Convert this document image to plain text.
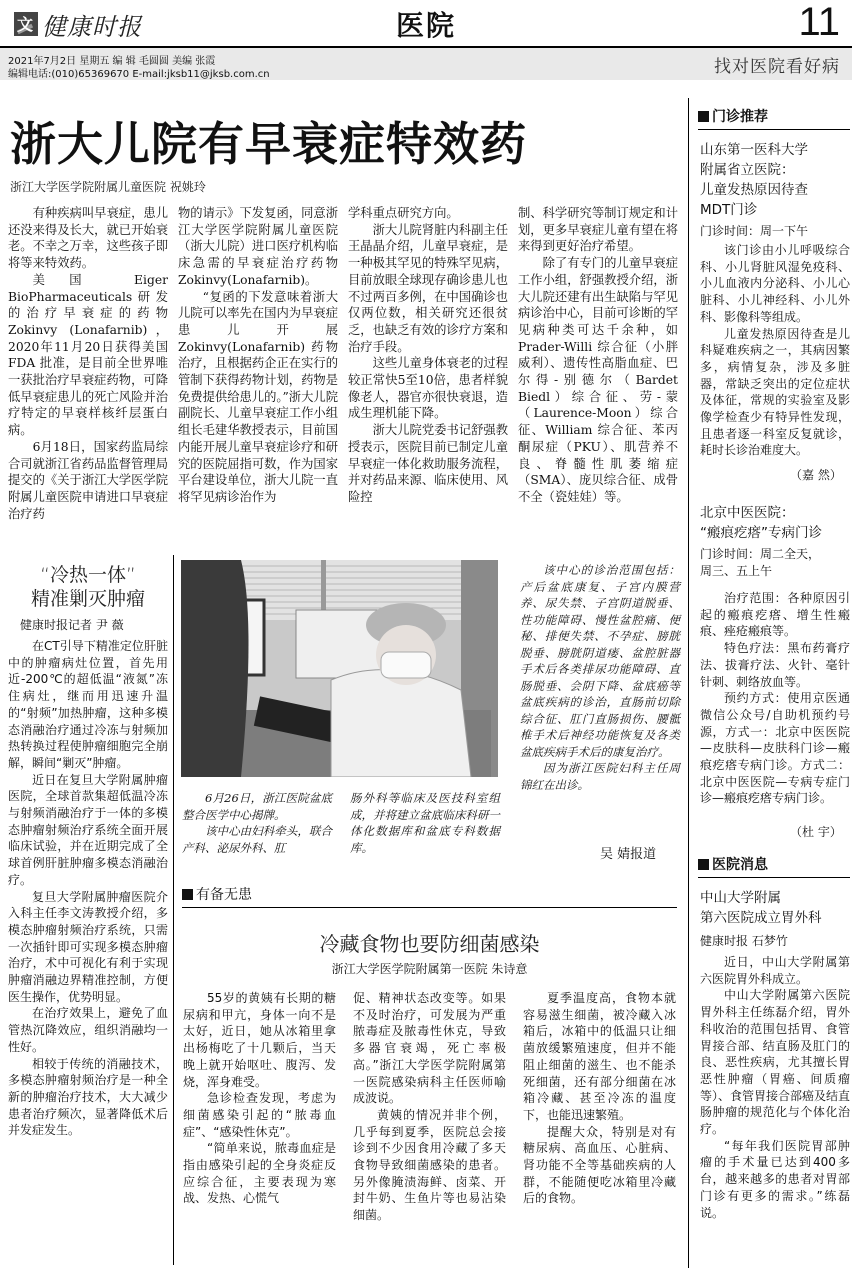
文
健康时报	医院	11
2021年7月2日 星期五 编 辑 毛圆圆 美编 张霞
编辑电话:(010)65369670 E-mail:jksb11@jksb.com.cn	找对医院看好病
浙大儿院有早衰症特效药
浙江大学医学院附属儿童医院 祝姚玲

有种疾病叫早衰症，患儿还没来得及长大，就已开始衰老。不幸之万幸，这些孩子即将等来特效药。

美国 Eiger BioPharmaceuticals研发的治疗早衰症的药物 Zokinvy (Lonafarnib)，2020年11月20日获得美国 FDA 批准，是目前全世界唯一获批治疗早衰症药物，可降低早衰症患儿的死亡风险并治疗特定的早衰样核纤层蛋白病。

6月18日，国家药监局综合司就浙江省药品监督管理局提交的《关于浙江大学医学院附属儿童医院申请进口早衰症治疗药

物的请示》下发复函，同意浙江大学医学院附属儿童医院（浙大儿院）进口医疗机构临床急需的早衰症治疗药物 Zokinvy(Lonafarnib)。

“复函的下发意味着浙大儿院可以率先在国内为早衰症患儿开展 Zokinvy(Lonafarnib) 药物治疗，且根据药企正在实行的管制下获得药物计划，药物是免费提供给患儿的。”浙大儿院副院长、儿童早衰症工作小组组长毛建华教授表示，目前国内能开展儿童早衰症诊疗和研究的医院屈指可数，作为国家平台建设单位，浙大儿院一直将罕见病诊治作为

学科重点研究方向。

浙大儿院肾脏内科副主任王晶晶介绍，儿童早衰症，是一种极其罕见的特殊罕见病，目前放眼全球现存确诊患儿也不过两百多例，在中国确诊也仅两位数，相关研究还很贫乏，也缺乏有效的诊疗方案和治疗手段。

这些儿童身体衰老的过程较正常快5至10倍，患者样貌像老人，器官亦很快衰退，造成生理机能下降。

浙大儿院党委书记舒强教授表示，医院目前已制定儿童早衰症一体化救助服务流程，并对药品来源、临床使用、风险控

制、科学研究等制订规定和计划，更多早衰症儿童有望在将来得到更好治疗希望。

除了有专门的儿童早衰症工作小组，舒强教授介绍，浙大儿院还建有出生缺陷与罕见病诊治中心，目前可诊断的罕见病种类可达千余种，如 Prader-Willi 综合征（小胖威利）、遗传性高脂血症、巴尔得-别德尔（Bardet Biedl）综合征、劳-蒙（Laurence-Moon）综合征、William 综合征、苯丙酮尿症（PKU）、肌营养不良、脊髓性肌萎缩症（SMA）、庞贝综合征、成骨不全（瓷娃娃）等。

“冷热一体”
精准剿灭肿瘤
健康时报记者 尹 薇

在CT引导下精准定位肝脏中的肿瘤病灶位置，首先用近-200℃的超低温“液氮”冻住病灶，继而用迅速升温的“射频”加热肿瘤，这种多模态消融治疗通过冷冻与射频加热转换过程使肿瘤细胞完全崩解，瞬间“剿灭”肿瘤。

近日在复旦大学附属肿瘤医院，全球首款集超低温冷冻与射频消融治疗于一体的多模态肿瘤射频治疗系统全面开展临床试验，并在近期完成了全球首例肝脏肿瘤多模态消融治疗。

复旦大学附属肿瘤医院介入科主任李文涛教授介绍，多模态肿瘤射频治疗系统，只需一次插针即可实现多模态肿瘤治疗，术中可视化有利于实现肿瘤消融边界精准控制，方便医生操作，优势明显。

在治疗效果上，避免了血管热沉降效应，组织消融均一性好。

相较于传统的消融技术，多模态肿瘤射频治疗是一种全新的肿瘤治疗技术，大大减少患者治疗频次，显著降低术后并发症发生。

6月26日，浙江医院盆底整合医学中心揭牌。

该中心由妇科牵头，联合产科、泌尿外科、肛

肠外科等临床及医技科室组成，并将建立盆底临床科研一体化数据库和盆底专科数据库。

该中心的诊治范围包括：产后盆底康复、子宫内膜营养、尿失禁、子宫阴道脱垂、性功能障碍、慢性盆腔痛、便秘、排便失禁、不孕症、膀胱脱垂、膀胱阴道瘘、盆腔脏器手术后各类排尿功能障碍、直肠脱垂、会阴下降、盆底癌等盆底疾病的诊治，直肠前切除综合征、肛门直肠损伤、腰骶椎手术后神经功能恢复及各类盆底疾病手术后的康复治疗。

因为浙江医院妇科主任周锦红在出诊。

吴 婧报道
有备无患
冷藏食物也要防细菌感染
浙江大学医学院附属第一医院 朱诗意

55岁的黄姨有长期的糖尿病和甲亢，身体一向不是太好，近日，她从冰箱里拿出杨梅吃了十几颗后，当天晚上就开始呕吐、腹泻、发烧，浑身难受。

急诊检查发现，考虑为细菌感染引起的“脓毒血症”、“感染性休克”。

“简单来说，脓毒血症是指由感染引起的全身炎症反应综合征，主要表现为寒战、发热、心慌气

促、精神状态改变等。如果不及时治疗，可发展为严重脓毒症及脓毒性休克，导致多器官衰竭，死亡率极高。”浙江大学医学院附属第一医院感染病科主任医师喻成波说。

黄姨的情况并非个例，几乎每到夏季，医院总会接诊到不少因食用冷藏了多天食物导致细菌感染的患者。另外像腌渍海鲜、卤菜、开封牛奶、生鱼片等也易沾染细菌。

夏季温度高，食物本就容易滋生细菌，被冷藏入冰箱后，冰箱中的低温只让细菌放缓繁殖速度，但并不能阻止细菌的滋生、也不能杀死细菌，还有部分细菌在冰箱冷藏、甚至冷冻的温度下，也能迅速繁殖。

提醒大众，特别是对有糖尿病、高血压、心脏病、肾功能不全等基础疾病的人群，不能随便吃冰箱里冷藏后的食物。

门诊推荐
山东第一医科大学
附属省立医院：
儿童发热原因待查
MDT门诊
门诊时间：周一下午

该门诊由小儿呼吸综合科、小儿肾脏风湿免疫科、小儿血液内分泌科、小儿心脏科、小儿神经科、小儿外科、影像科等组成。

儿童发热原因待查是儿科疑难疾病之一，其病因繁多，病情复杂，涉及多脏器，常缺乏突出的定位症状及体征，常规的实验室及影像学检查少有特异性发现，且患者逐一科室反复就诊，耗时长诊治难度大。

（嘉 然）
北京中医医院：
“瘢痕疙瘩”专病门诊
门诊时间：周二全天，
周三、五上午

治疗范围：各种原因引起的瘢痕疙瘩、增生性瘢痕、痤疮瘢痕等。

特色疗法：黑布药膏疗法、拔膏疗法、火针、毫针针刺、刺络放血等。

预约方式：使用京医通微信公众号/自助机预约号源，方式一：北京中医医院—皮肤科—皮肤科门诊—瘢痕疙瘩专病门诊。方式二：北京中医医院—专病专症门诊—瘢痕疙瘩专病门诊。

（杜 宇）
医院消息
中山大学附属
第六医院成立胃外科
健康时报 石梦竹

近日，中山大学附属第六医院胃外科成立。

中山大学附属第六医院胃外科主任练磊介绍，胃外科收治的范围包括胃、食管胃接合部、结直肠及肛门的良、恶性疾病，尤其擅长胃恶性肿瘤（胃癌、间质瘤等）、食管胃接合部癌及结直肠肿瘤的规范化与个体化治疗。

“每年我们医院胃部肿瘤的手术量已达到400多台，越来越多的患者对胃部门诊有更多的需求。”练磊说。
